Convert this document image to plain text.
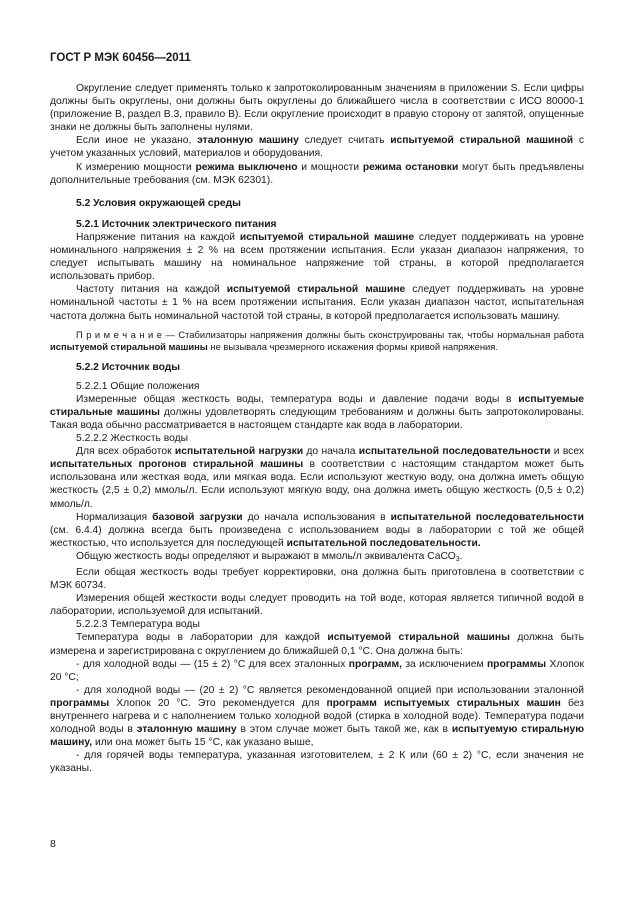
ГОСТ Р МЭК 60456—2011

Округление следует применять только к запротоколированным значениям в приложении S. Если цифры должны быть округлены, они должны быть округлены до ближайшего числа в соответствии с ИСО 80000-1 (приложение В, раздел В.3, правило В). Если округление происходит в правую сторону от запятой, опущенные знаки не должны быть заполнены нулями.

Если иное не указано, эталонную машину следует считать испытуемой стиральной машиной с учетом указанных условий, материалов и оборудования.

К измерению мощности режима выключено и мощности режима остановки могут быть предъявлены дополнительные требования (см. МЭК 62301).

5.2 Условия окружающей среды

5.2.1 Источник электрического питания

Напряжение питания на каждой испытуемой стиральной машине следует поддерживать на уровне номинального напряжения ± 2 % на всем протяжении испытания. Если указан диапазон напряжения, то следует испытывать машину на номинальное напряжение той страны, в которой предполагается использовать прибор.

Частоту питания на каждой испытуемой стиральной машине следует поддерживать на уровне номинальной частоты ± 1 % на всем протяжении испытания. Если указан диапазон частот, испытательная частота должна быть номинальной частотой той страны, в которой предполагается использовать машину.

П р и м е ч а н и е — Стабилизаторы напряжения должны быть сконструированы так, чтобы нормальная работа испытуемой стиральной машины не вызывала чрезмерного искажения формы кривой напряжения.

5.2.2 Источник воды

5.2.2.1 Общие положения

Измеренные общая жесткость воды, температура воды и давление подачи воды в испытуемые стиральные машины должны удовлетворять следующим требованиям и должны быть запротоколированы. Такая вода обычно рассматривается в настоящем стандарте как вода в лаборатории.

5.2.2.2 Жесткость воды

Для всех обработок испытательной нагрузки до начала испытательной последовательности и всех испытательных прогонов стиральной машины в соответствии с настоящим стандартом может быть использована или жесткая вода, или мягкая вода. Если используют жесткую воду, она должна иметь общую жесткость (2,5 ± 0,2) ммоль/л. Если используют мягкую воду, она должна иметь общую жесткость (0,5 ± 0,2) ммоль/л.

Нормализация базовой загрузки до начала использования в испытательной последовательности (см. 6.4.4) должна всегда быть произведена с использованием воды в лаборатории с той же общей жесткостью, что используется для последующей испытательной последовательности.

Общую жесткость воды определяют и выражают в ммоль/л эквивалента СаСО$_3$.

Если общая жесткость воды требует корректировки, она должна быть приготовлена в соответствии с МЭК 60734.

Измерения общей жесткости воды следует проводить на той воде, которая является типичной водой в лаборатории, используемой для испытаний.

5.2.2.3 Температура воды

Температура воды в лаборатории для каждой испытуемой стиральной машины должна быть измерена и зарегистрирована с округлением до ближайшей 0,1 °С. Она должна быть:

- для холодной воды — (15 ± 2) °С для всех эталонных программ, за исключением программы Хлопок 20 °С;

- для холодной воды — (20 ± 2) °С является рекомендованной опцией при использовании эталонной программы Хлопок 20 °С. Это рекомендуется для программ испытуемых стиральных машин без внутреннего нагрева и с наполнением только холодной водой (стирка в холодной воде). Температура подачи холодной воды в эталонную машину в этом случае может быть такой же, как в испытуемую стиральную машину, или она может быть 15 °С, как указано выше,

- для горячей воды температура, указанная изготовителем, ± 2 К или (60 ± 2) °С, если значения не указаны.

8
